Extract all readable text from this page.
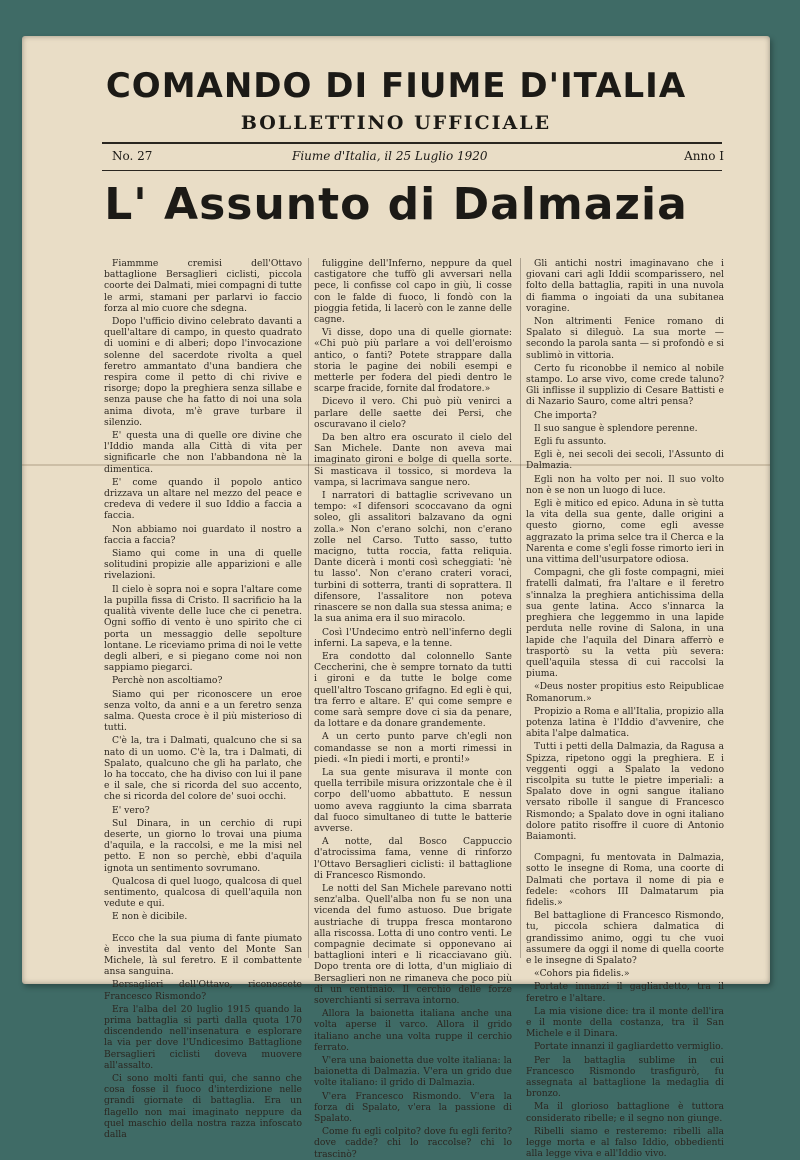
COMANDO DI FIUME D'ITALIA
BOLLETTINO UFFICIALE
No. 27	Fiume d'Italia, il 25 Luglio 1920	Anno I
L' Assunto di Dalmazia

Fiammme cremisi dell'Ottavo battaglione Bersaglieri ciclisti, piccola coorte dei Dalmati, miei compagni di tutte le armi, stamani per parlarvi io faccio forza al mio cuore che sdegna.

Dopo l'ufficio divino celebrato davanti a quell'altare di campo, in questo quadrato di uomini e di alberi; dopo l'invocazione solenne del sacerdote rivolta a quel feretro ammantato d'una bandiera che respira come il petto di chi rivive e risorge; dopo la preghiera senza sillabe e senza pause che ha fatto di noi una sola anima divota, m'è grave turbare il silenzio.

E' questa una di quelle ore divine che l'Iddio manda alla Città di vita per significarle che non l'abbandona nè la dimentica.

E' come quando il popolo antico drizzava un altare nel mezzo del peace e credeva di vedere il suo Iddio a faccia a faccia.

Non abbiamo noi guardato il nostro a faccia a faccia?

Siamo qui come in una di quelle solitudini propizie alle apparizioni e alle rivelazioni.

Il cielo è sopra noi e sopra l'altare come la pupilla fissa di Cristo. Il sacrificio ha la qualità vivente delle luce che ci penetra. Ogni soffio di vento è uno spirito che ci porta un messaggio delle sepolture lontane. Le riceviamo prima di noi le vette degli alberi, e si piegano come noi non sappiamo piegarci.

Perchè non ascoltiamo?

Siamo qui per riconoscere un eroe senza volto, da anni e a un feretro senza salma. Questa croce è il più misterioso di tutti.

C'è la, tra i Dalmati, qualcuno che si sa nato di un uomo. C'è la, tra i Dalmati, di Spalato, qualcuno che gli ha parlato, che lo ha toccato, che ha diviso con lui il pane e il sale, che si ricorda del suo accento, che si ricorda del colore de' suoi occhi.

E' vero?

Sul Dinara, in un cerchio di rupi deserte, un giorno lo trovai una piuma d'aquila, e la raccolsi, e me la misi nel petto. E non so perchè, ebbi d'aquila ignota un sentimento sovrumano.

Qualcosa di quel luogo, qualcosa di quel sentimento, qualcosa di quell'aquila non vedute e qui.

E non è dicibile.

Ecco che la sua piuma di fante piumato è investita dal vento del Monte San Michele, là sul feretro. E il combattente ansa sanguina.

Bersaglieri dell'Ottavo, riconoscete Francesco Rismondo?

Era l'alba del 20 luglio 1915 quando la prima battaglia si partì dalla quota 170 discendendo nell'insenatura e esplorare la via per dove l'Undicesimo Battaglione Bersaglieri ciclisti doveva muovere all'assalto.

Ci sono molti fanti qui, che sanno che cosa fosse il fuoco d'interdizione nelle grandi giornate di battaglia. Era un flagello non mai imaginato neppure da quel maschio della nostra razza infoscato dalla

fuliggine dell'Inferno, neppure da quel castigatore che tuffò gli avversari nella pece, li confisse col capo in giù, li cosse con le falde di fuoco, li fondò con la pioggia fetida, li lacerò con le zanne delle cagne.

Vi disse, dopo una di quelle giornate: «Chi può più parlare a voi dell'eroismo antico, o fanti? Potete strappare dalla storia le pagine dei nobili esempi e metterle per fodera del piedi dentro le scarpe fracide, fornite dal frodatore.»

Dicevo il vero. Chi può più venirci a parlare delle saette dei Persi, che oscuravano il cielo?

Da ben altro era oscurato il cielo del San Michele. Dante non aveva mai imaginato gironi e bolge di quella sorte. Si masticava il tossico, si mordeva la vampa, si lacrimava sangue nero.

I narratori di battaglie scrivevano un tempo: «I difensori scoccavano da ogni soleo, gli assalitori balzavano da ogni zolla.» Non c'erano solchi, non c'erano zolle nel Carso. Tutto sasso, tutto macigno, tutta roccia, fatta reliquia. Dante dicerà i monti così scheggiati: 'nè tu lasso'. Non c'erano crateri voraci, turbini di sotterra, tranti di soprattera. Il difensore, l'assalitore non poteva rinascere se non dalla sua stessa anima; e la sua anima era il suo miracolo.

Così l'Undecimo entrò nell'inferno degli inferni. La sapeva, e la tenne.

Era condotto dal colonnello Sante Ceccherini, che è sempre tornato da tutti i gironi e da tutte le bolge come quell'altro Toscano grifagno. Ed egli è qui, tra ferro e altare. E' qui come sempre e come sarà sempre dove ci sia da penare, da lottare e da donare grandemente.

A un certo punto parve ch'egli non comandasse se non a morti rimessi in piedi. «In piedi i morti, e pronti!»

La sua gente misurava il monte con quella terribile misura orizzontale che è il corpo dell'uomo abbattuto. E nessun uomo aveva raggiunto la cima sbarrata dal fuoco simultaneo di tutte le batterie avverse.

A notte, dal Bosco Cappuccio d'atrocissima fama, venne di rinforzo l'Ottavo Bersaglieri ciclisti: il battaglione di Francesco Rismondo.

Le notti del San Michele parevano notti senz'alba. Quell'alba non fu se non una vicenda del fumo astuoso. Due brigate austriache di truppa fresca montarono alla riscossa. Lotta di uno contro venti. Le compagnie decimate si opponevano ai battaglioni interi e li ricacciavano giù. Dopo trenta ore di lotta, d'un migliaio di Bersaglieri non ne rimaneva che poco più di un centinaio. Il cerchio delle forze soverchianti si serrava intorno.

Allora la baionetta italiana anche una volta aperse il varco. Allora il grido italiano anche una volta ruppe il cerchio ferrato.

V'era una baionetta due volte italiana: la baionetta di Dalmazia. V'era un grido due volte italiano: il grido di Dalmazia.

V'era Francesco Rismondo. V'era la forza di Spalato, v'era la passione di Spalato.

Come fu egli colpito? dove fu egli ferito? dove cadde? chi lo raccolse? chi lo trascinò?

Gli antichi nostri imaginavano che i giovani cari agli Iddii scomparissero, nel folto della battaglia, rapiti in una nuvola di fiamma o ingoiati da una subitanea voragine.

Non altrimenti Fenice romano di Spalato si dileguò. La sua morte — secondo la parola santa — si profondò e si sublimò in vittoria.

Certo fu riconobbe il nemico al nobile stampo. Lo arse vivo, come crede taluno? Gli inflisse il supplizio di Cesare Battisti e di Nazario Sauro, come altri pensa?

Che importa?

Il suo sangue è splendore perenne.

Egli fu assunto.

Egli è, nei secoli dei secoli, l'Assunto di Dalmazia.

Egli non ha volto per noi. Il suo volto non è se non un luogo di luce.

Egli è mitico ed epico. Aduna in sè tutta la vita della sua gente, dalle origini a questo giorno, come egli avesse aggrazato la prima selce tra il Cherca e la Narenta e come s'egli fosse rimorto ieri in una vittima dell'usurpatore odiosa.

Compagni, che gli foste compagni, miei fratelli dalmati, fra l'altare e il feretro s'innalza la preghiera antichissima della sua gente latina. Acco s'innarca la preghiera che leggemmo in una lapide perduta nelle rovine di Salona, in una lapide che l'aquila del Dinara afferrò e trasportò su la vetta più severa: quell'aquila stessa di cui raccolsi la piuma.

«Deus noster propitius esto Reipublicae Romanorum.»

Propizio a Roma e all'Italia, propizio alla potenza latina è l'Iddio d'avvenire, che abita l'alpe dalmatica.

Tutti i petti della Dalmazia, da Ragusa a Spizza, ripetono oggi la preghiera. E i veggenti oggi a Spalato la vedono riscolpita su tutte le pietre imperiali: a Spalato dove in ogni sangue italiano versato ribolle il sangue di Francesco Rismondo; a Spalato dove in ogni italiano dolore patito risoffre il cuore di Antonio Baiamonti.

Compagni, fu mentovata in Dalmazia, sotto le insegne di Roma, una coorte di Dalmati che portava il nome di pia e fedele: «cohors III Dalmatarum pia fidelis.»

Bel battaglione di Francesco Rismondo, tu, piccola schiera dalmatica di grandissimo animo, oggi tu che vuoi assumere da oggi il nome di quella coorte e le insegne di Spalato?

«Cohors pia fidelis.»

Portate innanzi il gagliardetto, tra il feretro e l'altare.

La mia visione dice: tra il monte dell'ira e il monte della costanza, tra il San Michele e il Dinara.

Portate innanzi il gagliardetto vermiglio.

Per la battaglia sublime in cui Francesco Rismondo trasfigurò, fu assegnata al battaglione la medaglia di bronzo.

Ma il glorioso battaglione è tuttora considerato ribelle; e il segno non giunge.

Ribelli siamo e resteremo: ribelli alla legge morta e al falso Iddio, obbedienti alla legge viva e all'Iddio vivo.
